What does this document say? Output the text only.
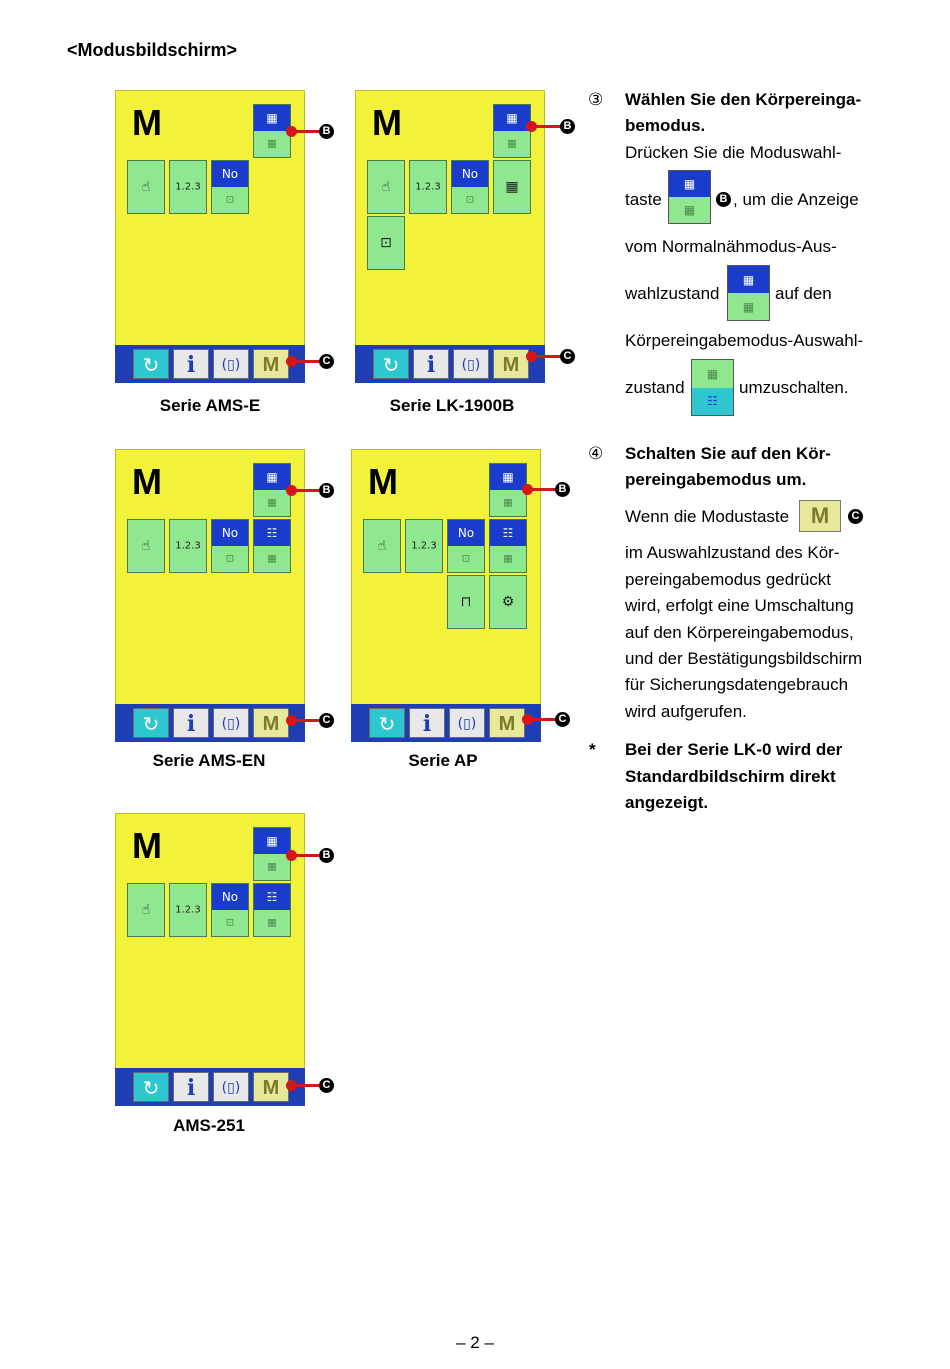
<Modusbildschirm>
M	▦
▦
☝	1.2.3
No
⊡
↻	i	(▯)	M
B
C
Serie AMS-E
M	▦
▦
☝	1.2.3
No
⊡
▦
⊡
↻	i	(▯)	M
B
C
Serie LK-1900B
M	▦
▦
☝	1.2.3
No
⊡
☷
▦
↻	i	(▯)	M
B
C
Serie AMS-EN
M	▦
▦
☝	1.2.3
No
⊡
☷
▦
⊓	⚙
↻	i	(▯)	M
B
C
Serie AP
M	▦
▦
☝	1.2.3
No
⊡
☷
▦
↻	i	(▯)	M
B
C
AMS-251
③ Wählen Sie den Körpereinga-
bemodus.
Drücken Sie die Moduswahl-
taste
▦
▦
B , um die Anzeige
vom Normalnähmodus-Aus-
wahlzustand
▦
▦
auf den
Körpereingabemodus-Auswahl-
zustand
▦
☷
umzuschalten.
④ Schalten Sie auf den Kör-
pereingabemodus um.
Wenn die Modustaste M	C
im Auswahlzustand des Kör-
pereingabemodus gedrückt
wird, erfolgt eine Umschaltung
auf den Körpereingabemodus,
und der Bestätigungsbildschirm
für Sicherungsdatengebrauch
wird aufgerufen.
* Bei der Serie LK-0 wird der
Standardbildschirm direkt
angezeigt.
– 2 –
